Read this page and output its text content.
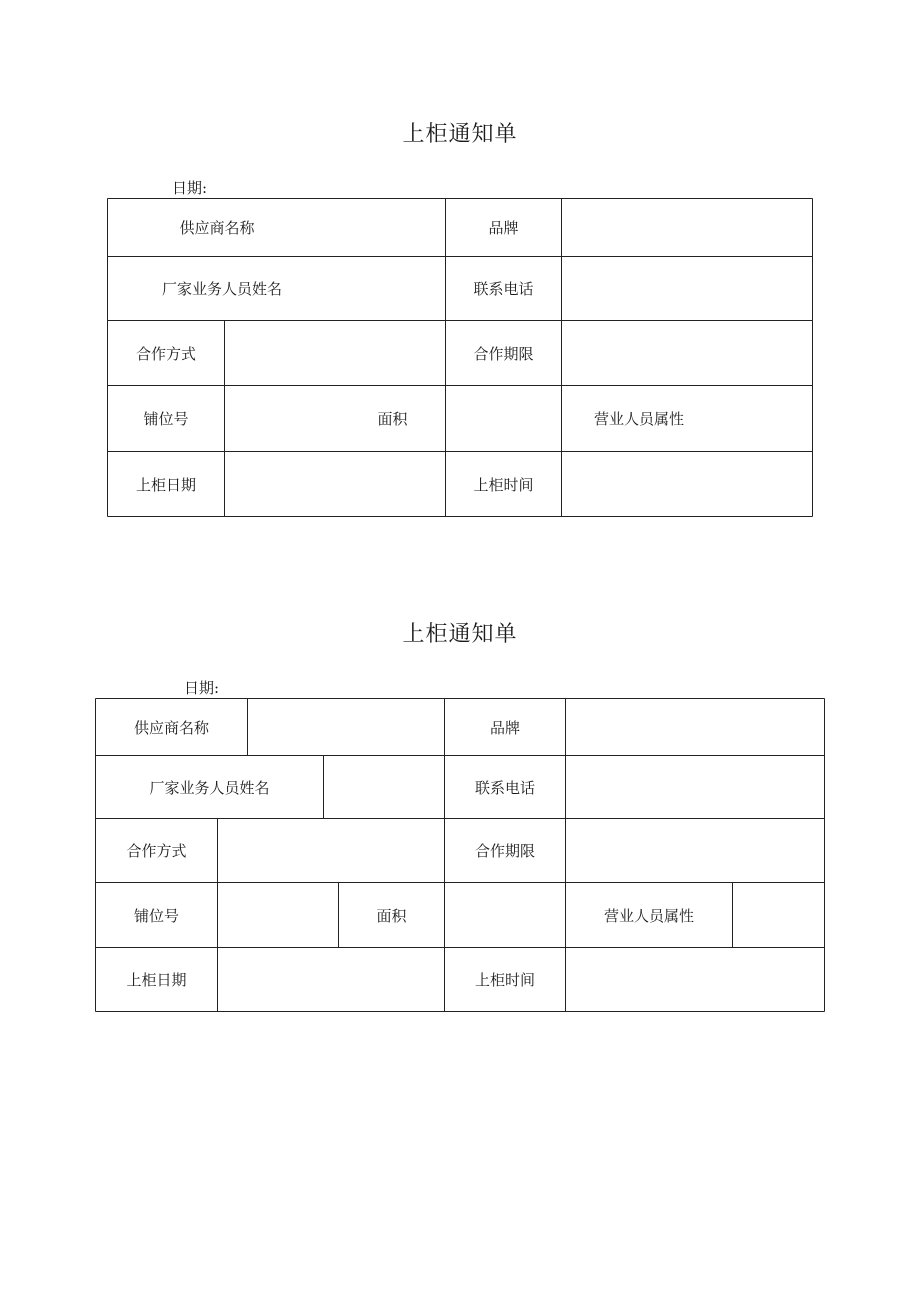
上柜通知单
日期:
供应商名称	品牌
厂家业务人员姓名	联系电话
合作方式	合作期限
铺位号	面积	营业人员属性
上柜日期	上柜时间
上柜通知单
日期:
供应商名称	品牌
厂家业务人员姓名	联系电话
合作方式	合作期限
铺位号	面积	营业人员属性
上柜日期	上柜时间
